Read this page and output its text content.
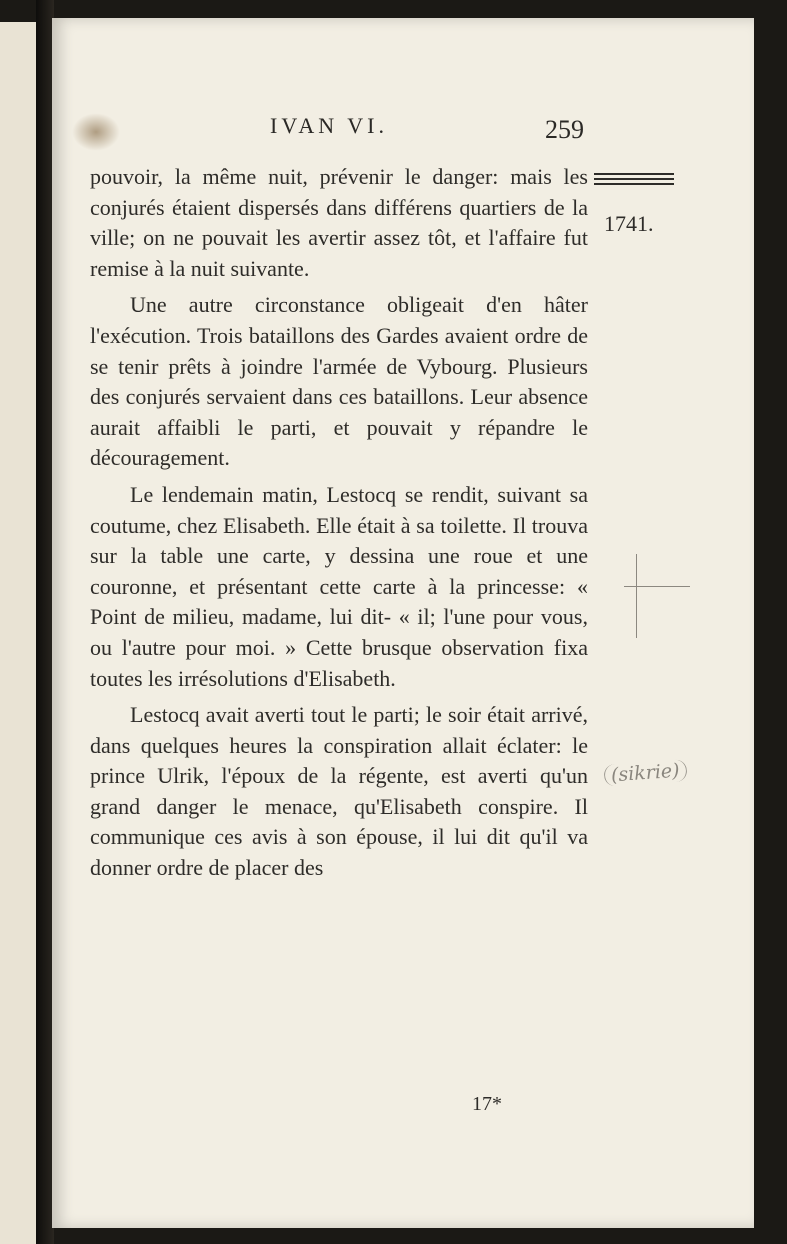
IVAN VI.	259

pouvoir, la même nuit, prévenir le danger: mais les conjurés étaient dispersés dans différens quartiers de la ville; on ne pouvait les avertir assez tôt, et l'affaire fut remise à la nuit suivante.

Une autre circonstance obligeait d'en hâter l'exécution. Trois bataillons des Gardes avaient ordre de se tenir prêts à joindre l'armée de Vybourg. Plusieurs des conjurés servaient dans ces bataillons. Leur absence aurait affaibli le parti, et pouvait y répandre le découragement.

Le lendemain matin, Lestocq se rendit, suivant sa coutume, chez Elisabeth. Elle était à sa toilette. Il trouva sur la table une carte, y dessina une roue et une couronne, et présentant cette carte à la princesse: « Point de milieu, madame, lui dit- « il; l'une pour vous, ou l'autre pour moi. » Cette brusque observation fixa toutes les irrésolutions d'Elisabeth.

Lestocq avait averti tout le parti; le soir était arrivé, dans quelques heures la conspiration allait éclater: le prince Ulrik, l'époux de la régente, est averti qu'un grand danger le menace, qu'Elisabeth conspire. Il communique ces avis à son épouse, il lui dit qu'il va donner ordre de placer des

1741.
(sikrie)
17*
